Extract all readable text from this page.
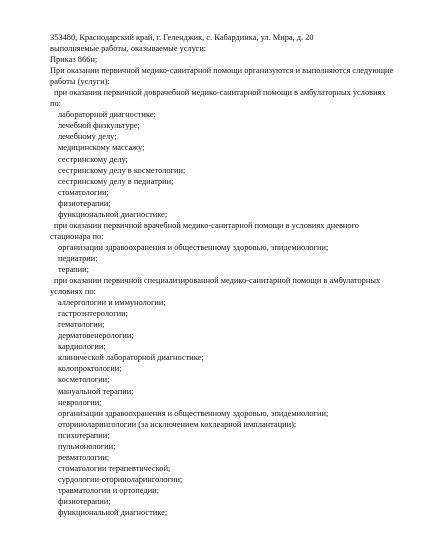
353480, Краснодарский край, г. Геленджик, с. Кабардинка, ул. Мира, д. 20
выполняемые работы, оказываемые услуги:
Приказ 866н;
При оказании первичной медико-санитарной помощи организуются и выполняются следующие
работы (услуги):
при оказании первичной доврачебной медико-санитарной помощи в амбулаторных условиях
по:
лабораторной диагностике;
лечебной физкультуре;
лечебному делу;
медицинскому массажу;
сестринскому делу;
сестринскому делу в косметологии;
сестринскому делу в педиатрии;
стоматологии;
физиотерапии;
функциональной диагностике;
при оказании первичной врачебной медико-санитарной помощи в условиях дневного
стационара по:
организации здравоохранения и общественному здоровью, эпидемиологии;
педиатрии;
терапии;
при оказании первичной специализированной медико-санитарной помощи в амбулаторных
условиях по:
аллергологии и иммунологии;
гастроэнтерологии;
гематологии;
дерматовенерологии;
кардиологии;
клинической лабораторной диагностике;
колопроктологии;
косметологии;
мануальной терапии;
неврологии;
организации здравоохранения и общественному здоровью, эпидемиологии;
оториноларингологии (за исключением кохлеарной имплантации);
психотерапии;
пульмонологии;
ревматологии;
стоматологии терапевтической;
сурдологии-оториноларингологии;
травматологии и ортопедии;
физиотерапии;
функциональной диагностике;
